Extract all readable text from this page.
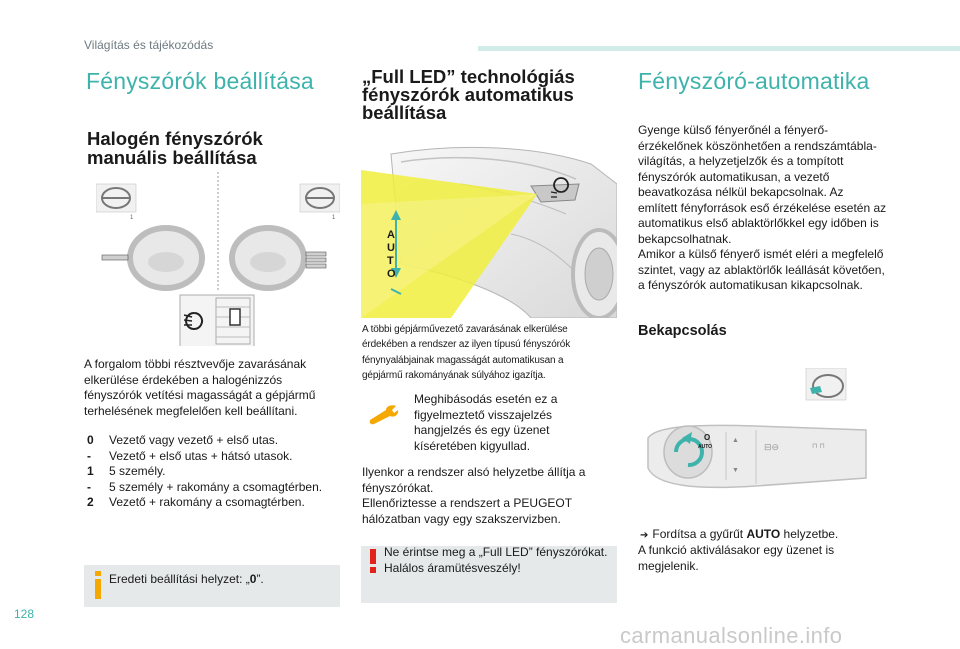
Világítás és tájékozódás
Fényszórók beállítása
Halogén fényszórók
manuális beállítása
1	1
A forgalom többi résztvevője zavarásának
elkerülése érdekében a halogénizzós
fényszórók vetítési magasságát a gépjármű
terhelésének megfelelően kell beállítani.
0	Vezető vagy vezető + első utas.
-	Vezető + első utas + hátsó utasok.
1	5 személy.
-	5 személy + rakomány a csomagtérben.
2	Vezető + rakomány a csomagtérben.
Eredeti beállítási helyzet: „0”.
„Full LED” technológiás
fényszórók automatikus
beállítása
A
U
T
O
A többi gépjárművezető zavarásának elkerülése
érdekében a rendszer az ilyen típusú fényszórók
fénynyalábjainak magasságát automatikusan a
gépjármű rakományának súlyához igazítja.
Meghibásodás esetén ez a
figyelmeztető visszajelzés
hangjelzés és egy üzenet
kíséretében kigyullad.
Ilyenkor a rendszer alsó helyzetbe állítja a
fényszórókat.
Ellenőriztesse a rendszert a PEUGEOT
hálózatban vagy egy szakszervizben.
Ne érintse meg a „Full LED” fényszórókat.
Halálos áramütésveszély!
Fényszóró-automatika
Gyenge külső fényerőnél a fényerő-
érzékelőnek köszönhetően a rendszámtábla-
világítás, a helyzetjelzők és a tompított
fényszórók automatikusan, a vezető
beavatkozása nélkül bekapcsolnak. Az
említett fényforrások eső érzékelése esetén az
automatikus első ablaktörlőkkel egy időben is
bekapcsolhatnak.
Amikor a külső fényerő ismét eléri a megfelelő
szintet, vagy az ablaktörlők leállását követően,
a fényszórók automatikusan kikapcsolnak.
Bekapcsolás
O
AUTO
▲
▼
⊟⊖	⊓ ⊓
➔ Fordítsa a gyűrűt AUTO helyzetbe.
A funkció aktiválásakor egy üzenet is
megjelenik.
128
carmanualsonline.info
